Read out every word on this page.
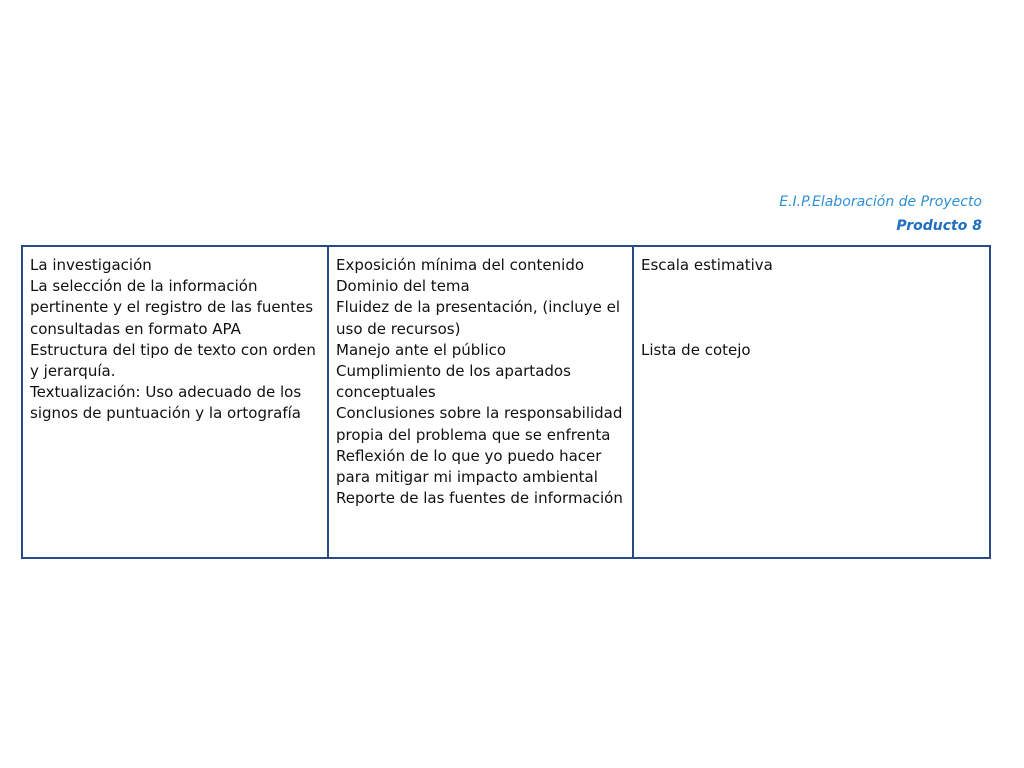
E.I.P.Elaboración de Proyecto
Producto 8
La investigación
La selección de la información
pertinente y el registro de las fuentes
consultadas en formato APA
Estructura del tipo de texto con orden
y jerarquía.
Textualización: Uso adecuado de los
signos de puntuación y la ortografía
Exposición mínima del contenido
Dominio del tema
Fluidez de la presentación, (incluye el
uso de recursos)
Manejo ante el público
Cumplimiento de los apartados
conceptuales
Conclusiones sobre la responsabilidad
propia del problema que se enfrenta
Reflexión de lo que yo puedo hacer
para mitigar mi impacto ambiental
Reporte de las fuentes de información
Escala estimativa
Lista de cotejo
